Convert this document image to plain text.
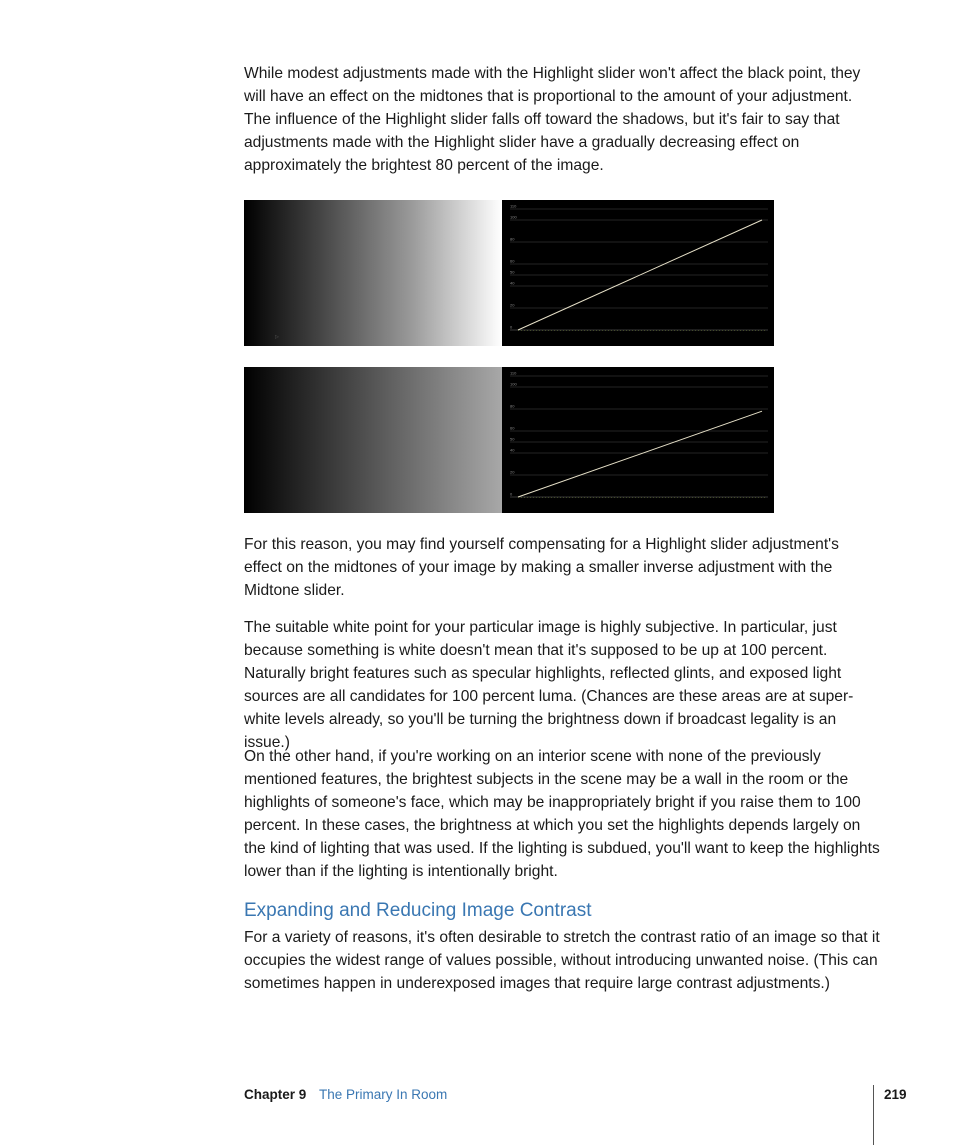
While modest adjustments made with the Highlight slider won't affect the black point, they will have an effect on the midtones that is proportional to the amount of your adjustment. The influence of the Highlight slider falls off toward the shadows, but it's fair to say that adjustments made with the Highlight slider have a gradually decreasing effect on approximately the brightest 80 percent of the image.

110
100
80
60
50
40
20
0
▹
110
100
80
60
50
40
20
0

For this reason, you may find yourself compensating for a Highlight slider adjustment's effect on the midtones of your image by making a smaller inverse adjustment with the Midtone slider.

The suitable white point for your particular image is highly subjective. In particular, just because something is white doesn't mean that it's supposed to be up at 100 percent. Naturally bright features such as specular highlights, reflected glints, and exposed light sources are all candidates for 100 percent luma. (Chances are these areas are at super-white levels already, so you'll be turning the brightness down if broadcast legality is an issue.)

On the other hand, if you're working on an interior scene with none of the previously mentioned features, the brightest subjects in the scene may be a wall in the room or the highlights of someone's face, which may be inappropriately bright if you raise them to 100 percent. In these cases, the brightness at which you set the highlights depends largely on the kind of lighting that was used. If the lighting is subdued, you'll want to keep the highlights lower than if the lighting is intentionally bright.

Expanding and Reducing Image Contrast

For a variety of reasons, it's often desirable to stretch the contrast ratio of an image so that it occupies the widest range of values possible, without introducing unwanted noise. (This can sometimes happen in underexposed images that require large contrast adjustments.)

Chapter 9 The Primary In Room	219
